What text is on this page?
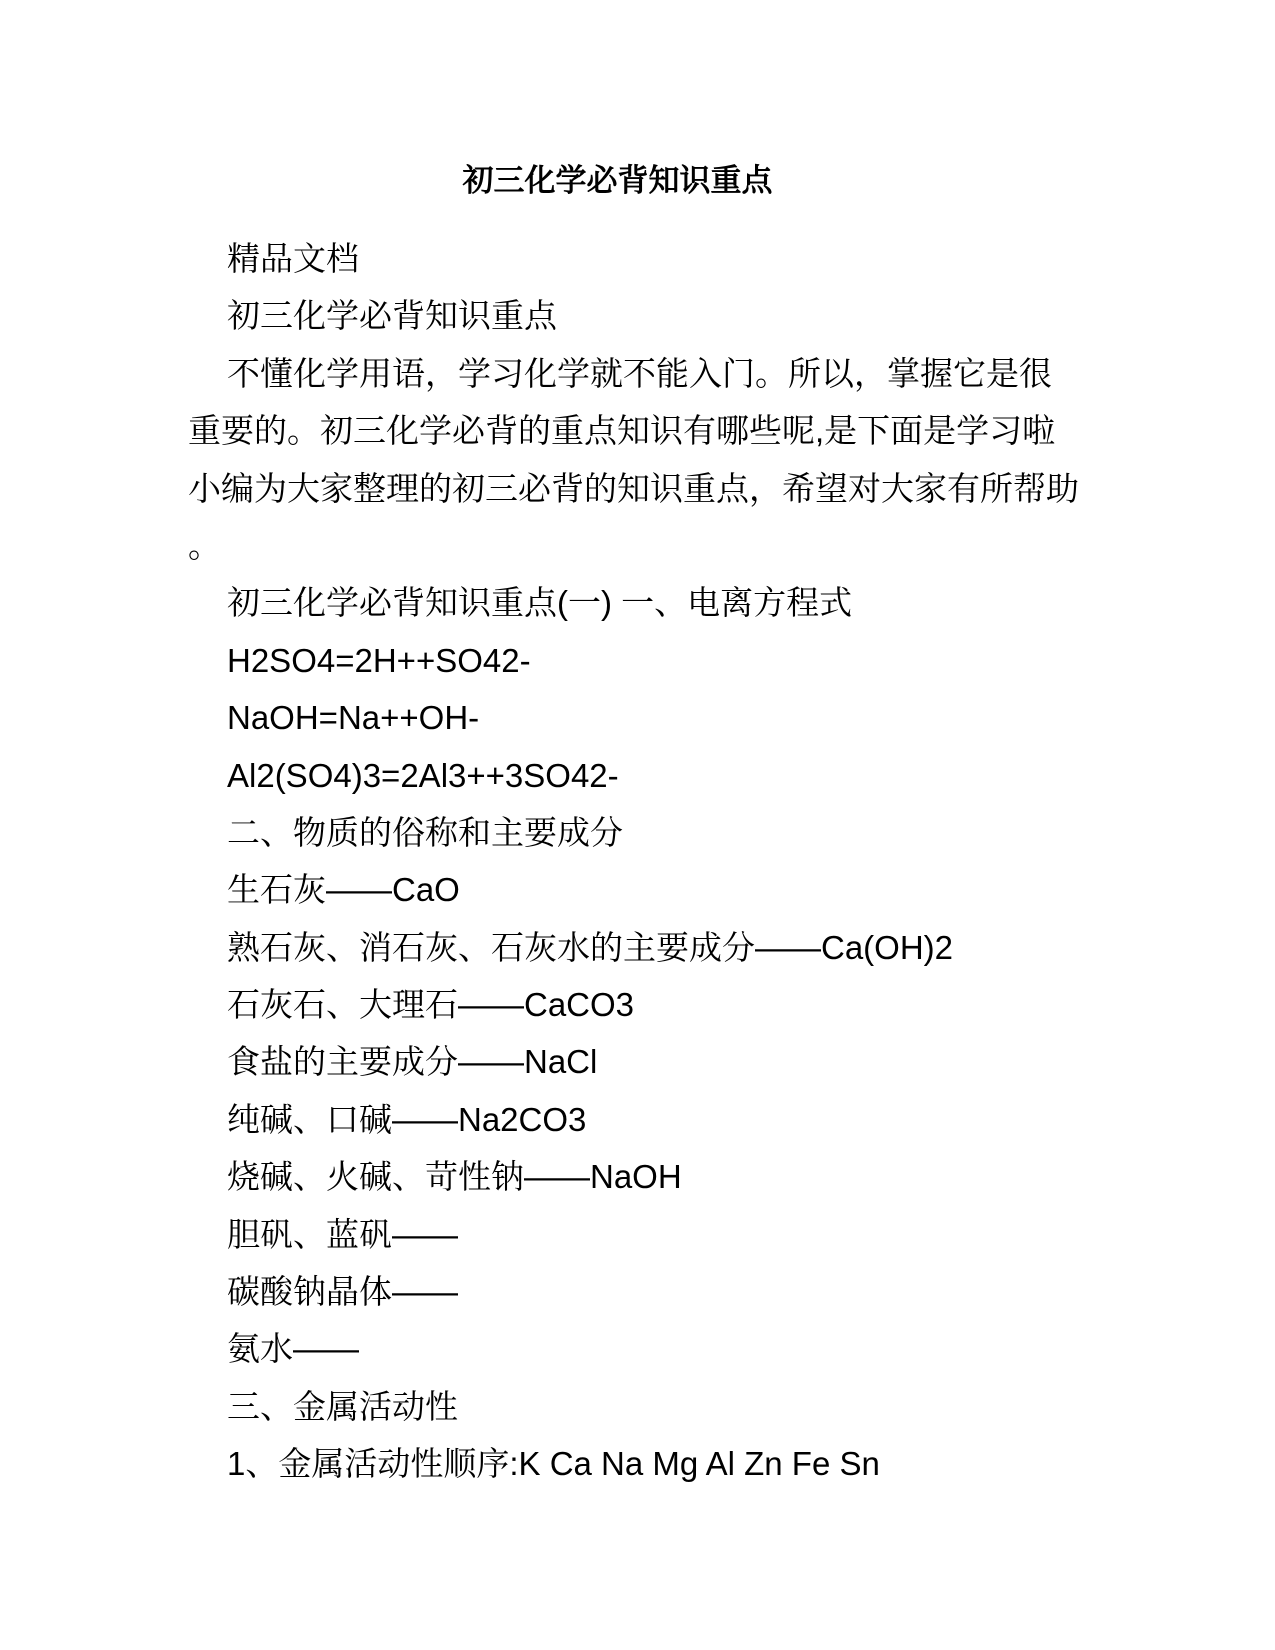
初三化学必背知识重点
精品文档
初三化学必背知识重点
不懂化学用语，学习化学就不能入门。所以，掌握它是很
重要的。初三化学必背的重点知识有哪些呢,是下面是学习啦
小编为大家整理的初三必背的知识重点，希望对大家有所帮助
。
初三化学必背知识重点(一) 一、电离方程式
H2SO4=2H++SO42-
NaOH=Na++OH-
Al2(SO4)3=2Al3++3SO42-
二、物质的俗称和主要成分
生石灰——CaO
熟石灰、消石灰、石灰水的主要成分——Ca(OH)2
石灰石、大理石——CaCO3
食盐的主要成分——NaCl
纯碱、口碱——Na2CO3
烧碱、火碱、苛性钠——NaOH
胆矾、蓝矾——
碳酸钠晶体——
氨水——
三、金属活动性
1、金属活动性顺序:K Ca Na Mg Al Zn Fe Sn
